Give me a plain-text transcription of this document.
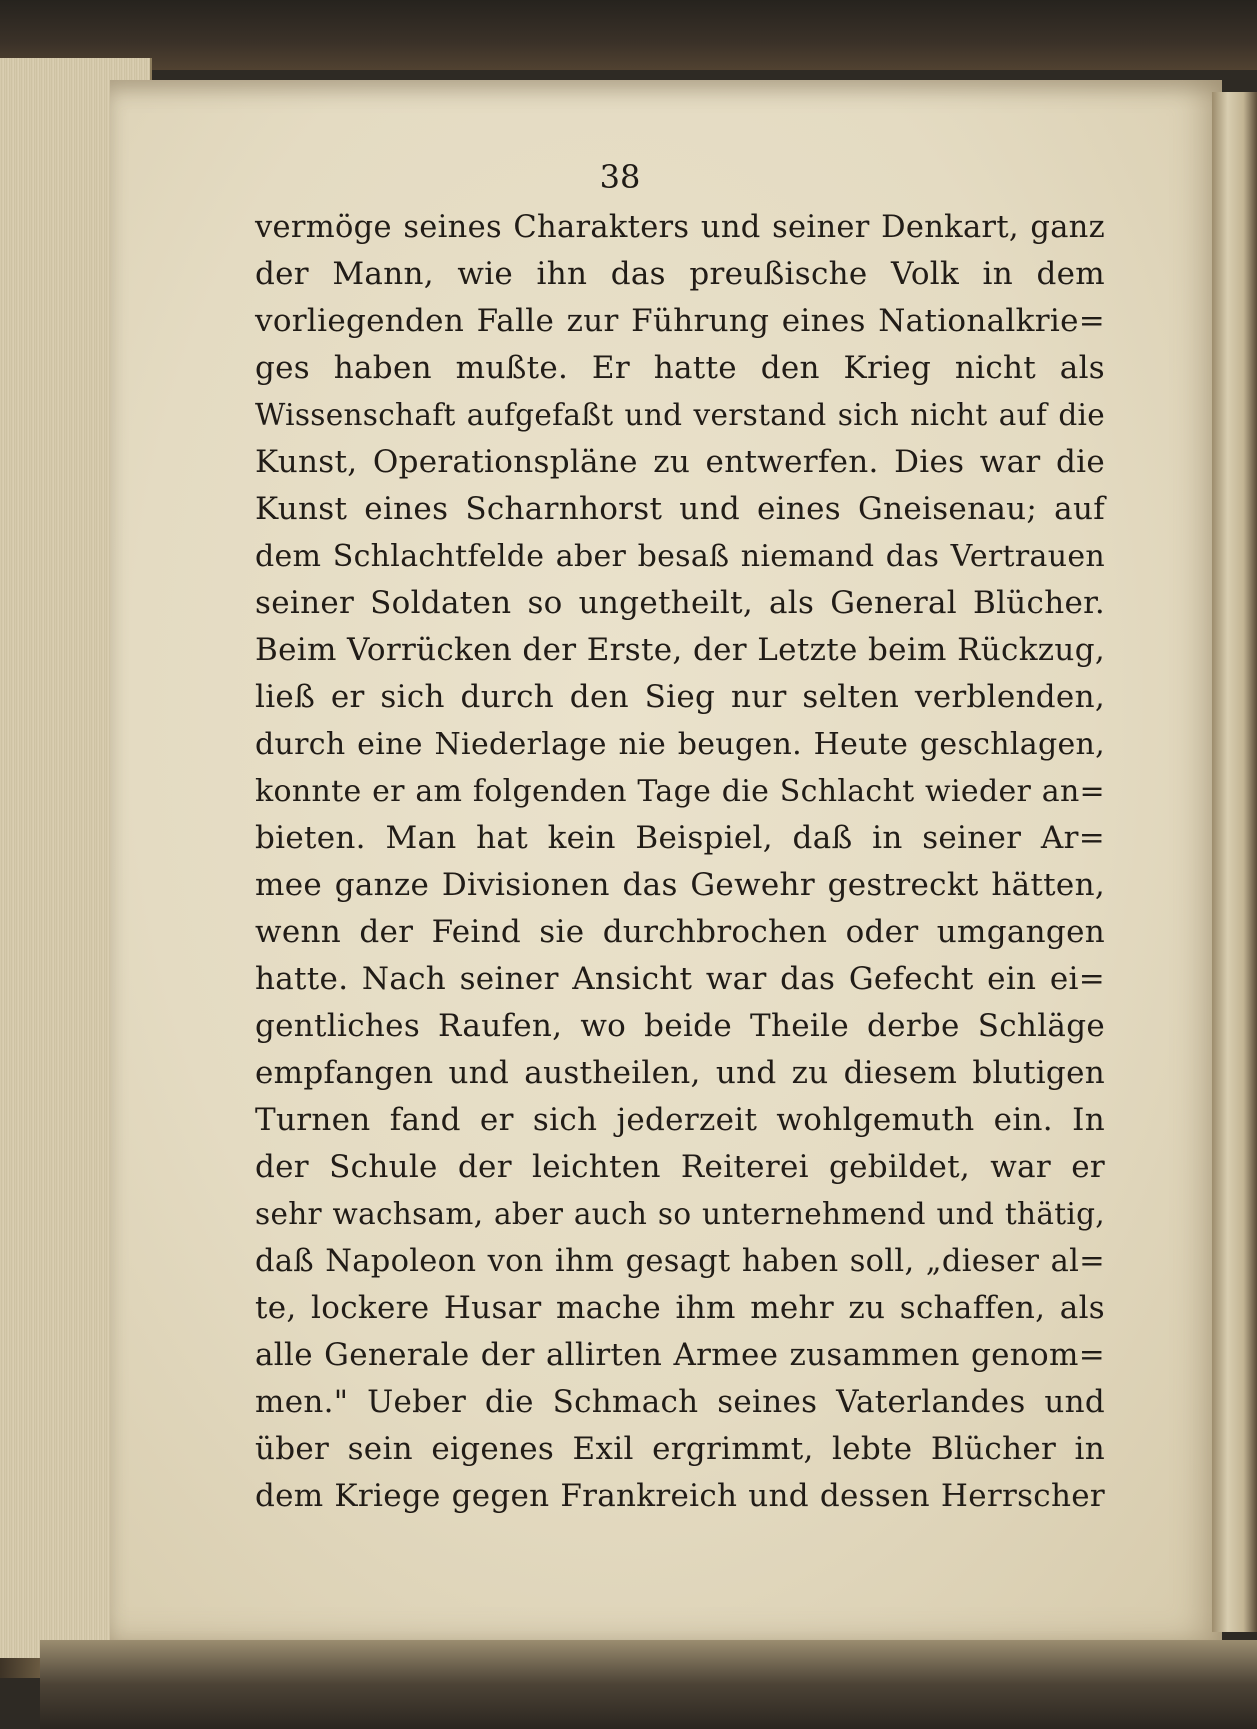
38
vermöge seines Charakters und seiner Denkart, ganz
der Mann, wie ihn das preußische Volk in dem
vorliegenden Falle zur Führung eines Nationalkrie=
ges haben mußte. Er hatte den Krieg nicht als
Wissenschaft aufgefaßt und verstand sich nicht auf die
Kunst, Operationspläne zu entwerfen. Dies war die
Kunst eines Scharnhorst und eines Gneisenau; auf
dem Schlachtfelde aber besaß niemand das Vertrauen
seiner Soldaten so ungetheilt, als General Blücher.
Beim Vorrücken der Erste, der Letzte beim Rückzug,
ließ er sich durch den Sieg nur selten verblenden,
durch eine Niederlage nie beugen. Heute geschlagen,
konnte er am folgenden Tage die Schlacht wieder an=
bieten. Man hat kein Beispiel, daß in seiner Ar=
mee ganze Divisionen das Gewehr gestreckt hätten,
wenn der Feind sie durchbrochen oder umgangen
hatte. Nach seiner Ansicht war das Gefecht ein ei=
gentliches Raufen, wo beide Theile derbe Schläge
empfangen und austheilen, und zu diesem blutigen
Turnen fand er sich jederzeit wohlgemuth ein. In
der Schule der leichten Reiterei gebildet, war er
sehr wachsam, aber auch so unternehmend und thätig,
daß Napoleon von ihm gesagt haben soll, „dieser al=
te, lockere Husar mache ihm mehr zu schaffen, als
alle Generale der allirten Armee zusammen genom=
men." Ueber die Schmach seines Vaterlandes und
über sein eigenes Exil ergrimmt, lebte Blücher in
dem Kriege gegen Frankreich und dessen Herrscher
